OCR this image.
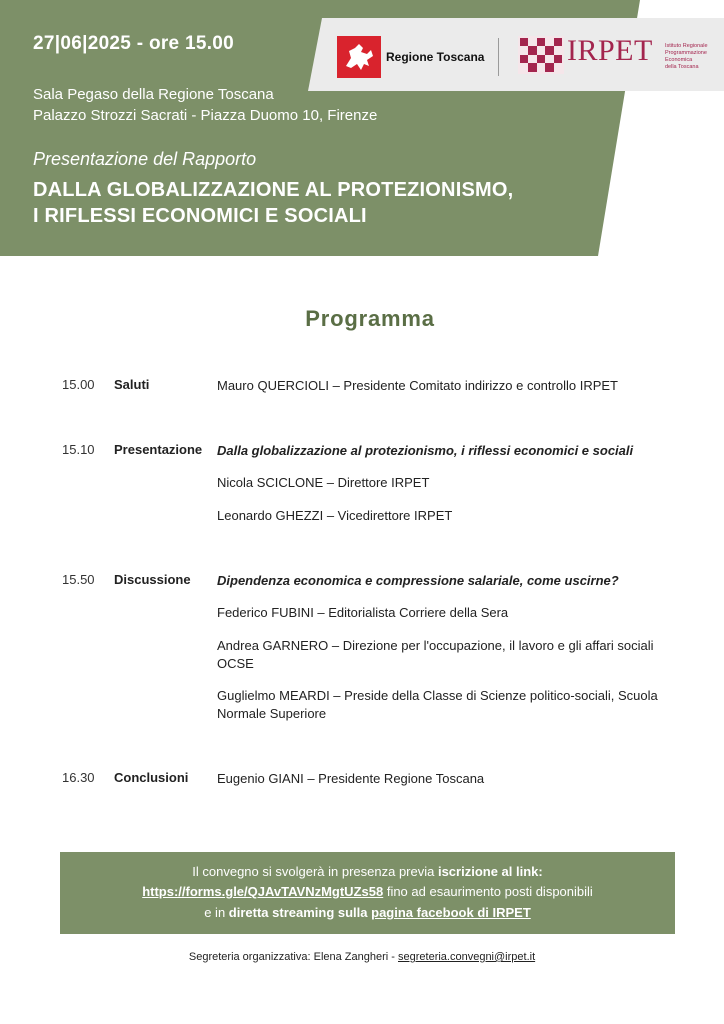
27|06|2025 - ore 15.00
Sala Pegaso della Regione Toscana
Palazzo Strozzi Sacrati - Piazza Duomo 10, Firenze
Presentazione del Rapporto
DALLA GLOBALIZZAZIONE AL PROTEZIONISMO,
I RIFLESSI ECONOMICI E SOCIALI
Regione Toscana	IRPET Istituto Regionale
Programmazione
Economica
della Toscana
Programma
15.00 Saluti	Mauro QUERCIOLI – Presidente Comitato indirizzo e controllo IRPET
15.10 Presentazione Dalla globalizzazione al protezionismo, i riflessi economici e sociali
Nicola SCICLONE – Direttore IRPET
Leonardo GHEZZI – Vicedirettore IRPET
15.50 Discussione Dipendenza economica e compressione salariale, come uscirne?
Federico FUBINI – Editorialista Corriere della Sera
Andrea GARNERO – Direzione per l'occupazione, il lavoro e gli affari sociali OCSE
Guglielmo MEARDI – Preside della Classe di Scienze politico-sociali, Scuola Normale Superiore
16.30 Conclusioni Eugenio GIANI – Presidente Regione Toscana
Il convegno si svolgerà in presenza previa iscrizione al link:
https://forms.gle/QJAvTAVNzMgtUZs58 fino ad esaurimento posti disponibili
e in diretta streaming sulla pagina facebook di IRPET
Segreteria organizzativa: Elena Zangheri - segreteria.convegni@irpet.it
